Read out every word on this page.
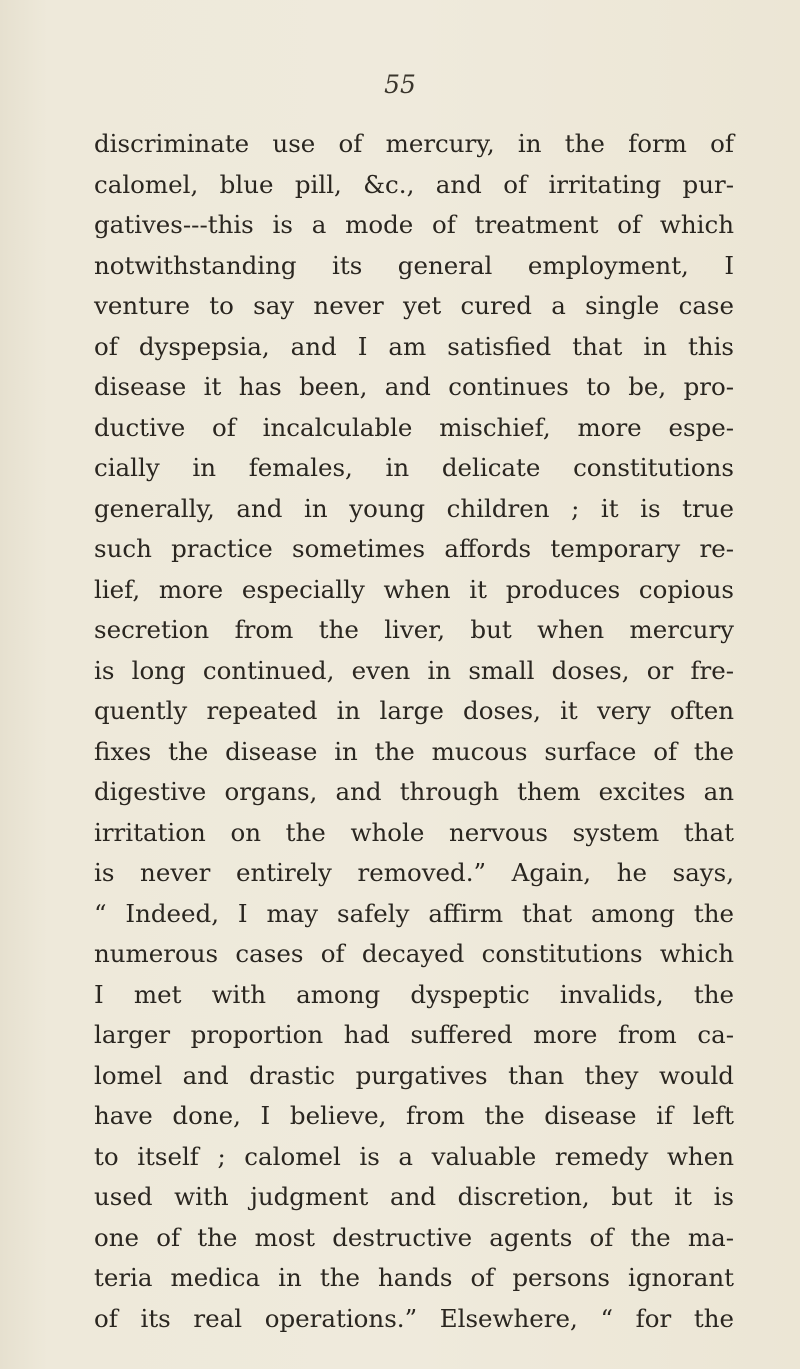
55
discriminate use of mercury, in the form of
calomel, blue pill, &c., and of irritating pur-
gatives---this is a mode of treatment of which
notwithstanding its general employment, I
venture to say never yet cured a single case
of dyspepsia, and I am satisfied that in this
disease it has been, and continues to be, pro-
ductive of incalculable mischief, more espe-
cially in females, in delicate constitutions
generally, and in young children ; it is true
such practice sometimes affords temporary re-
lief, more especially when it produces copious
secretion from the liver, but when mercury
is long continued, even in small doses, or fre-
quently repeated in large doses, it very often
fixes the disease in the mucous surface of the
digestive organs, and through them excites an
irritation on the whole nervous system that
is never entirely removed.” Again, he says,
“ Indeed, I may safely affirm that among the
numerous cases of decayed constitutions which
I met with among dyspeptic invalids, the
larger proportion had suffered more from ca-
lomel and drastic purgatives than they would
have done, I believe, from the disease if left
to itself ; calomel is a valuable remedy when
used with judgment and discretion, but it is
one of the most destructive agents of the ma-
teria medica in the hands of persons ignorant
of its real operations.” Elsewhere, “ for the
